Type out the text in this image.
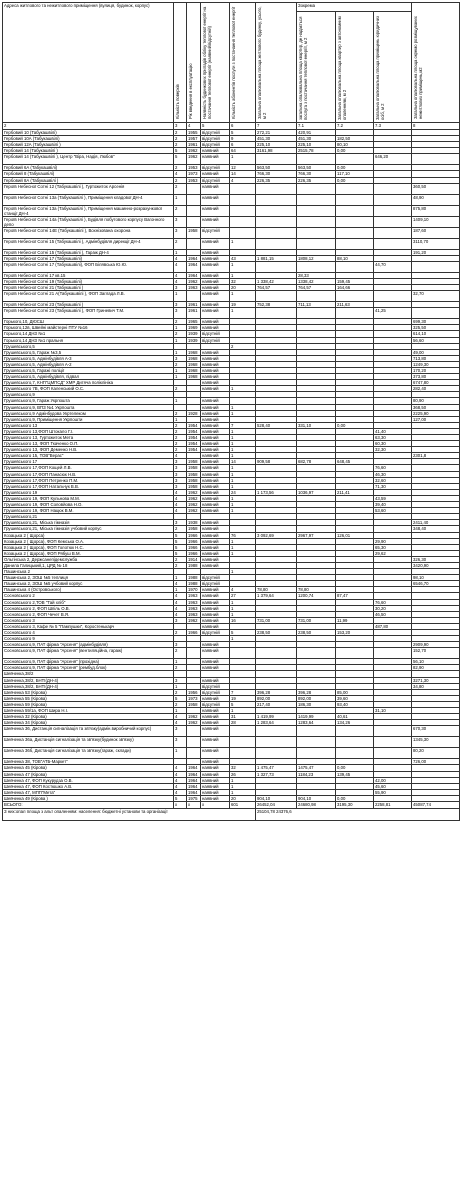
Адреса житлового та нежитлового приміщення (вулиця, будинок, корпус)	Кількість поверхів	Рік введення в експлуатацію	Наявність будинкових приладів обліку теплової енергії на постачання теплової енергії (наявний/відсутній)	Кількість абонентів послуги з постачання теплової енергії	Загальна опалювальна площа житлового будинку, усього, м 2	Зокрема			Загальна опалювальна площа окремо розміщуваних нежитлових приміщень,м2

						загальна опалювальна площа квартир, де надається послуга з постачання теплової енергії, м 2	Загальна опалювальна площа квартир з автономним опаленням, м 2	Загальна опалювальна площа приміщень юридичних осіб, м 2	

2	3	4	5	6	7	7.1	7.2	7.3	8
Гербовий 10 (Табукашвілі)	2	1955	відсутній	5	272,21	420,91			
Гербовий 10А (Табукашвілі)	2	1957	відсутній	9	451,30	451,30	182,50		
Гербовий 12А (Табукашвілі )	2	1961	відсутній	6	225,10	225,10	80,10		
Гербовий 14 (Табукашвілі )	5	1962	наявний	64	3161,98	2515,78	0,00		
Гербовий 14 (Табукашвілі ), Центр "Віра, Надія, Любов"	5	1962	наявний	1				646,20	
Гербовий 6А (Табукашвілі)	2	1953	відсутній	12	563,50	563,50	0,00		
Гербовий 8 (Табукашвілі)	4	1973	наявний	14	766,30	766,30	117,10		
Гербовий 8А (Табукашвілі )	2	1953	відсутній	4	226,35	226,35	0,00		
Героїв Небесної Сотні 12 (Табукашвілі ), Гуртожиток Арсенія	2		наявний						360,50
Героїв Небесної Сотні 13а (Табукашвілі ), Приміщення кладової ДН-4	1		наявний						48,90
Героїв Небесної Сотні 13а (Табукашвілі ), Приміщення машинно-розрахункової станції ДН-4	2		наявний						875,80
Героїв Небесної Сотні 14а (Табукашвілі ), Будівля побутового корпусу Вагонного депо	3		наявний						1409,10
Героїв Небесної Сотні 14Е (Табукашвілі ), Вохнізована охорона	3	1958	відсутній						187,60
Героїв Небесної Сотні 15 (Табукашвілі ), Адмінбудівля дирекції ДН-4	2		наявний	1					3110,70
Героїв Небесної Сотні 15 (Табукашвілі ), Гараж ДН-4	1		наявний						191,20
Героїв Небесної Сотні 17 (Табукашвілі)	4	1964	наявний	43	1 881,15	1808,12	88,10		
Героїв Небесної Сотні 17 (Табукашвілі), ФОП Білявська Ю.Ю.	4	1964	наявний	1				44,70	
Героїв Небесної Сотні 17 кв.15	4	1964	наявний	1		28,33			
Героїв Небесної Сотні 19 (Табукашвілі)	4	1962	наявний	32	1 338,42	1338,42	159,45		
Героїв Небесної Сотні 21 (Табукашвілі )	3	1963	наявний	20	764,57	764,57	164,66		
Героїв Небесної Сотні 21 А(Табукашвілі ), ФОП Заглада Л.В.	1		наявний	1					32,70
Героїв Небесної Сотні 23 (Табукашвілі )	3	1961	наявний	19	752,38	711,13	211,63		
Героїв Небесної Сотні 23 (Табукашвілі ), ФОП Гриневич Т.М.	3	1961	наявний	1				41,25	
Горького,10, ДЮСШ	2	1965	наявний						699,30
Горького,12в, Швейні майстерні ПТУ №16	1	1969	наявний						325,50
Горького,14 ДНЗ №1	2	1939	відсутній						614,10
Горького,14 ДНЗ №1 пральня	1	1939	відсутній						56,60
Грушевського,5				2					
Грушевського,5, Гараж №3,5	1	1968	наявний						49,00
Грушевського,5, Адмінбудівля А-3	3	1968	наявний						713,80
Грушевського,5, Адмінбудівля А-2	2	1968	наявний						1249,30
Грушевського,5, Гаражі поліції	1	1968	наявний						170,20
Грушевського,5, Адмінбудівля, підвал	1	1968	наявний						373,80
Грушевського,7, КНП"ЦМПСД" ХМР Дитяча поліклініка			наявний						6747,80
Грушевського 7В, ФОП Каленський О.С.	2		наявний	1					282,40
Грушевського,9									
Грушевського,9, Гараж Укрпошта	1		наявний						80,90
Грушевського,9, ВПЗ №1 Укрпошта			наявний	1					368,50
Грушевського,9 Адмінбудова Укртелеком	2	1928	наявний	1					2225,90
Грушевського,9, Приміщення Укрпошти	1		наявний						127,00
Грушевського 13	2	1954	наявний	7	528,40	331,10	0,00		
Грушевського 13,ФОП Штокало Г.І.	2	1954	наявний	1				41,40	
Грушевського 13, Гуртожиток Мета	2	1954	наявний	1				63,30	
Грушевського 13, ФОП Ткаченко О.П.	2	1954	наявний	1				60,30	
Грушевського 13, ФОП Деменко Н.В.	2	1954	наявний	1				32,30	
Грушевського 15, ТОВ"Верас"	4		наявний	1					2301,8
Грушевського 17	3	1958	наявний	14	909,58	682,78	648,45		
Грушевського 17,ФОП Кощей Л.В.	3	1958	наявний	1				76,60	
Грушевського 17,ФОП Панасюк Н.В.	3	1958	наявний	1				46,30	
Грушевського 17,ФОП Петренко П.М.	3	1958	наявний	1				32,60	
Грушевського 17,ФОП Натальчук В.В.	3	1958	наявний	1				71,30	
Грушевського 19	4	1962	наявний	24	1 173,56	1036,97	211,41		
Грушевського 19, ФОП Кульнова М.М.	4	1962	наявний	1				43,59	
Грушевського 19, ФОП Соловйова Н.О.	4	1962	наявний	1				39,40	
Грушевського 19, ФОП Нацюк В.М.	4	1962	наявний	1				53,60	
Грушевського,21									
Грушевського,21, Міська гімназія	3	1938	наявний						2411,40
Грушевського,21, Міська гімназія учбовий корпус	2	1958	наявний						348,40
Козацька 2 ( Щорса)	5	1966	наявний	76	3 092,69	2967,97	126,01		
Козацька 2 ( Щорса), ФОП Кемська О.А.	5	1966	наявний	1				29,90	
Козацька 2 ( Щорса), ФОП Голотюк Н.С.	5	1966	наявний	1				65,30	
Козацька 2 ( Щорса), ФОП Рябуш В.М.	5	1966	наявний	1				29,62	
Ольгінська 2, Держсанепідемслужба	2	1914	наявний						326,30
Данила Галицький,1, ЦРД № 18	2	1988	наявний						3420,90
Пашинська 2				1					
Пашинська 2, ЗОШ №5 теплиця	1	1988	відсутній						98,10
Пашинська 2, ЗОШ №5 учбовий корпус	4	1988	відсутній						6546,70
Пашинська 4 (Островського)	1	1970	наявний	4	78,80	78,80			
Сосновського 2	4	1963	наявний	27	1 379,64	1200,74	87,47		
Сосновського 2,ТОВ "Тай хліб"	4	1963	наявний	1				76,60	
Сосновського 2, ФОП Шпіль О.В.	4	1963	наявний	1				30,20	
Сосновського 2, ФОП Чечет В.Я.	4	1963	наявний	1				46,50	
Сосновського 3	3	1962	наявний	16	731,00	731,00	11,99		
Сосновського 3, Кафе № 5 "Пампушки", Коростенькарч			наявний					487,80	
Сосновського 4	2	1966	відсутній	5	238,50	238,50	153,20		
Сосновського 9				1					
Сосновського,9, ПАТ фірма "Арсеня" (адмінбудівля)	3		наявний						2909,90
Сосновського,9, ПАТ фірма "Арсеня" (вентиляційна, гараж)	2		наявний						152,70
Сосновського,9, ПАТ фірма "Арсеня" (прохідна)	1		наявний						56,10
Сосновського,9, ПАТ фірма "Арсеня" (рембуд.блок)	2		наявний						82,90
Шевченка,38/2									
Шевченка,38/2, БНТІ(ДН-4)	3		наявний						3271,30
Шевченка,38/2, БНТІ(ДН-4)	1		відсутній						34,80
Шевченка 53 (Кірова)	2	1956	відсутній	7	396,28	396,28	85,00		
Шевченка 55 (Кірова)	5	1973	наявний	19	892,00	892,00	39,60		
Шевченка 59 (Кірова)	2	1958	відсутній	5	217,40	186,30	93,40		
Шевченка 59/1а, ФОП Шира Н.І.	1		наявний	1				31,10	
Шевченка 32 (Кірова)	4	1962	наявний	31	1 419,99	1419,99	40,61		
Шевченка 34 (Кірова)	4	1962	наявний	28	1 283,64	1283,64	134,26		
Шевченка 36, Дистанція сигналізація та зв'язку(адмін.виробничий корпус)	3		наявний						670,30
Шевченка 36а, Дистанція сигналізація та зв'язку(будинок зв'язку)	3		наявний						1345,30
Шевченка 36б, Дистанція сигналізація та зв'язку(гараж, склади)	1		наявний						80,20
Шевченка 38, ТОВ"АТБ-Маркет"			наявний						726,00
Шевченка 45 (Кірова)	4	1964	наявний	32	1 475,47	1475,47	0,00		
Шевченка 47 (Кірова)	4	1964	наявний	26	1 327,73	1184,23	139,45		
Шевченка 47, ФОП Кукурудза О.В.	4	1964	наявний	1				42,00	
Шевченка 47, ФОП Костюшко А.В.	4	1964	наявний	1				45,60	
Шевченка 47, МПП"Мета"	4	1964	наявний	1				55,90	
Шевченка 49 (Кірова )	5	1975	наявний	20	904,10	904,10	0,00		
ВСЬОГО:	x	x	x	601	26452,04	24680,98	3195,30	2258,81	45087,74
З них:опал площа з альт опаленням: населення: бюджетні установи та організації					25104,78 24376,6				
